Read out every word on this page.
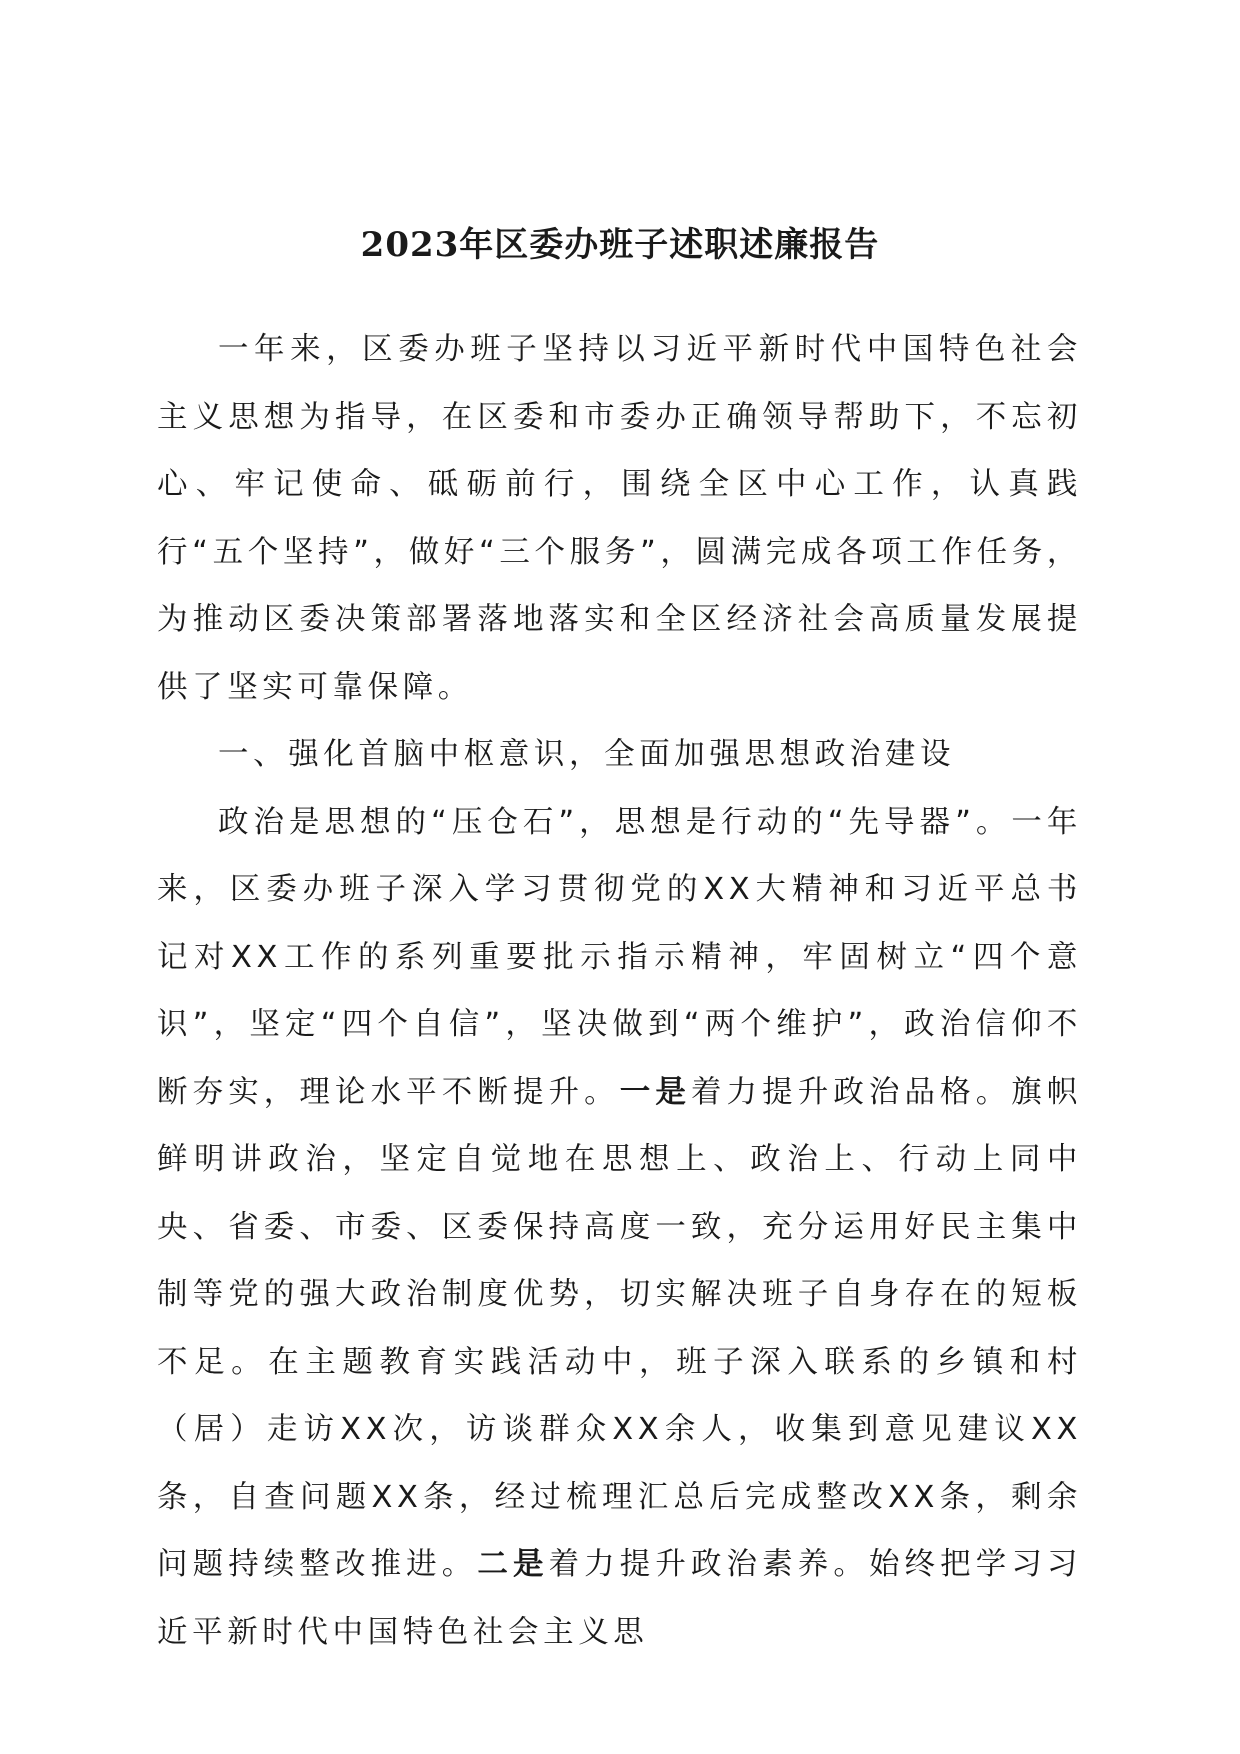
2023年区委办班子述职述廉报告

一年来，区委办班子坚持以习近平新时代中国特色社会主义思想为指导，在区委和市委办正确领导帮助下，不忘初心、牢记使命、砥砺前行，围绕全区中心工作，认真践行“五个坚持”，做好“三个服务”，圆满完成各项工作任务，为推动区委决策部署落地落实和全区经济社会高质量发展提供了坚实可靠保障。

一、强化首脑中枢意识，全面加强思想政治建设

政治是思想的“压仓石”，思想是行动的“先导器”。一年来，区委办班子深入学习贯彻党的XX大精神和习近平总书记对XX工作的系列重要批示指示精神，牢固树立“四个意识”，坚定“四个自信”，坚决做到“两个维护”，政治信仰不断夯实，理论水平不断提升。一是着力提升政治品格。旗帜鲜明讲政治，坚定自觉地在思想上、政治上、行动上同中央、省委、市委、区委保持高度一致，充分运用好民主集中制等党的强大政治制度优势，切实解决班子自身存在的短板不足。在主题教育实践活动中，班子深入联系的乡镇和村（居）走访XX次，访谈群众XX余人，收集到意见建议XX条，自查问题XX条，经过梳理汇总后完成整改XX条，剩余问题持续整改推进。二是着力提升政治素养。始终把学习习近平新时代中国特色社会主义思
